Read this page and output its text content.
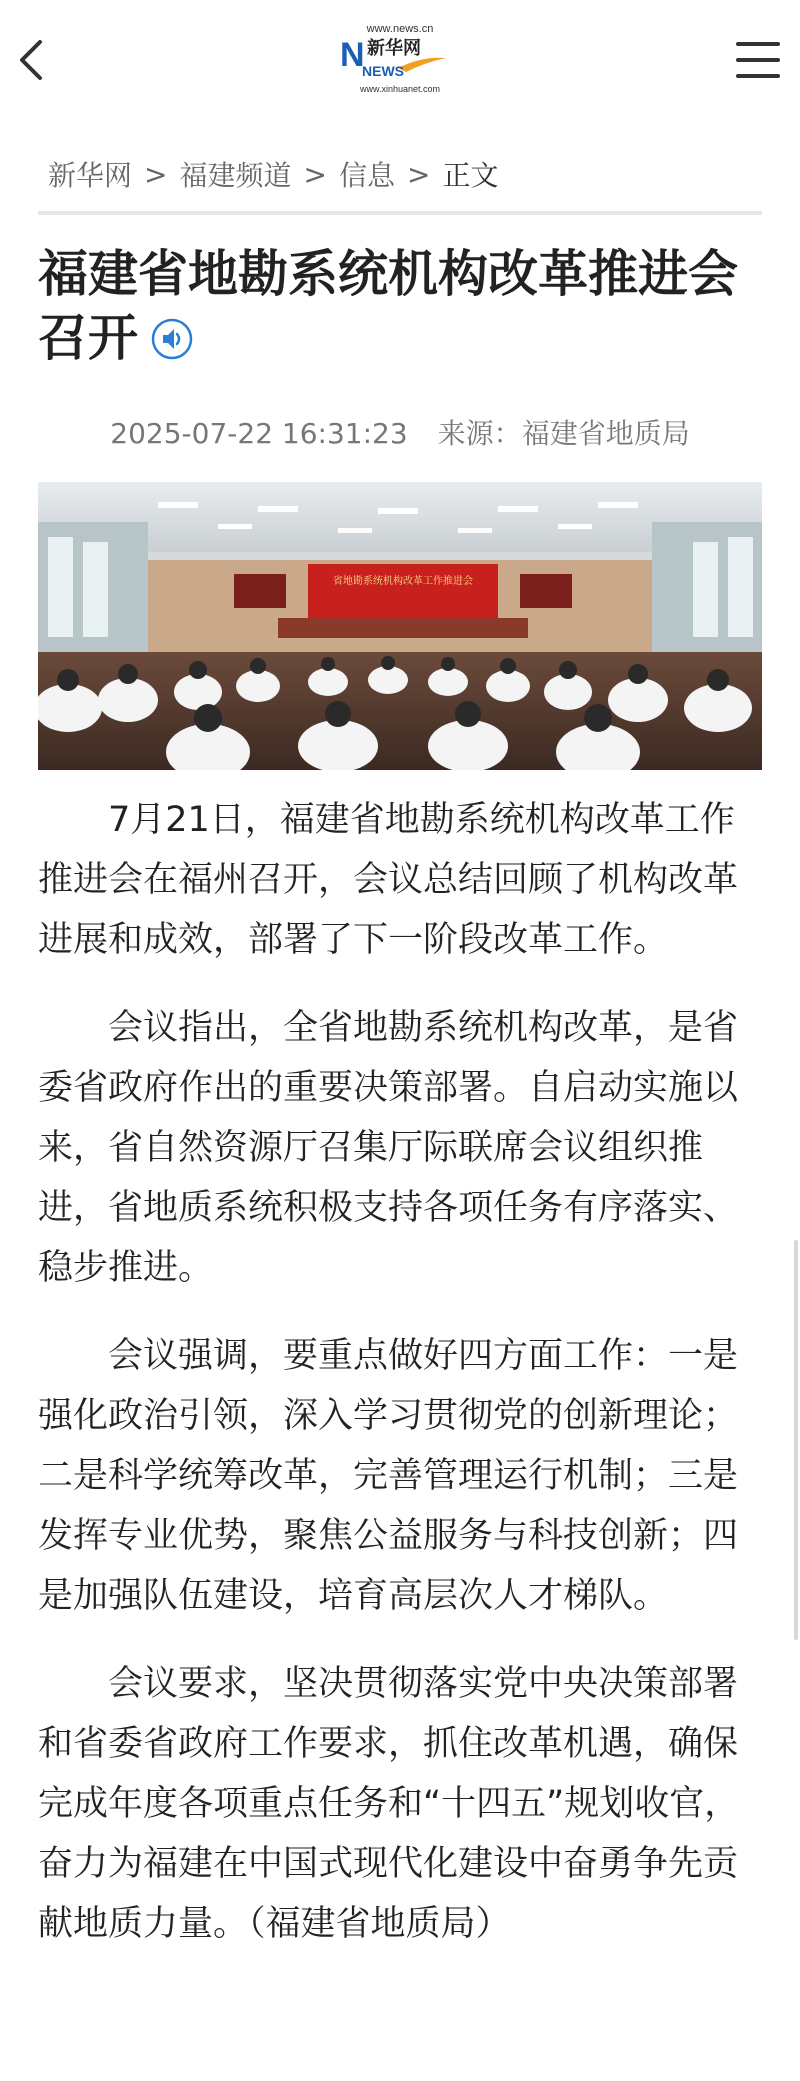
www.news.cn
N 新华网
NEWS
www.xinhuanet.com
新华网 > 福建频道 > 信息 > 正文
福建省地勘系统机构改革推进会召开
2025-07-22 16:31:23 来源：福建省地质局
省地勘系统机构改革工作推进会

7月21日，福建省地勘系统机构改革工作推进会在福州召开，会议总结回顾了机构改革进展和成效，部署了下一阶段改革工作。

会议指出，全省地勘系统机构改革，是省委省政府作出的重要决策部署。自启动实施以来，省自然资源厅召集厅际联席会议组织推进，省地质系统积极支持各项任务有序落实、稳步推进。

会议强调，要重点做好四方面工作：一是强化政治引领，深入学习贯彻党的创新理论；二是科学统筹改革，完善管理运行机制；三是发挥专业优势，聚焦公益服务与科技创新；四是加强队伍建设，培育高层次人才梯队。

会议要求，坚决贯彻落实党中央决策部署和省委省政府工作要求，抓住改革机遇，确保完成年度各项重点任务和“十四五”规划收官，奋力为福建在中国式现代化建设中奋勇争先贡献地质力量。（福建省地质局）
